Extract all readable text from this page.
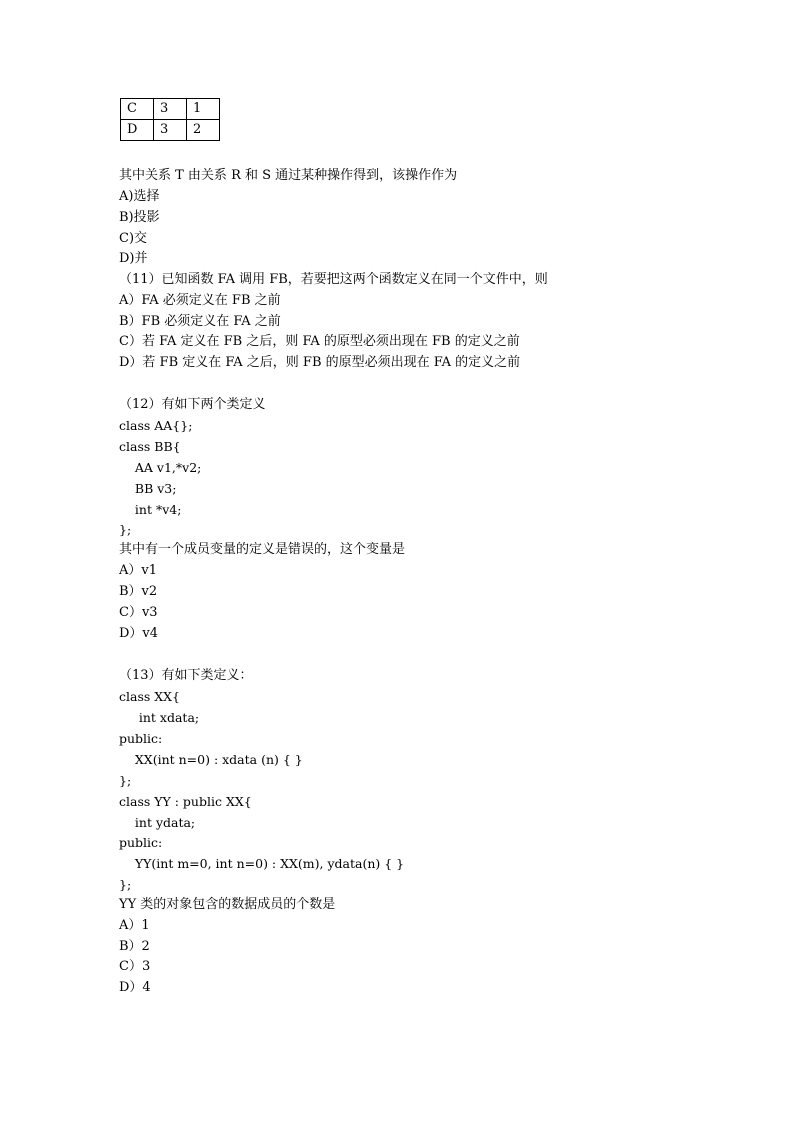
C	3	1
D	3	2
其中关系 T 由关系 R 和 S 通过某种操作得到，该操作作为
A)选择
B)投影
C)交
D)并
（11）已知函数 FA 调用 FB，若要把这两个函数定义在同一个文件中，则
A）FA 必须定义在 FB 之前
B）FB 必须定义在 FA 之前
C）若 FA 定义在 FB 之后，则 FA 的原型必须出现在 FB 的定义之前
D）若 FB 定义在 FA 之后，则 FB 的原型必须出现在 FA 的定义之前
（12）有如下两个类定义
class AA{};
class BB{
AA v1,*v2;
BB v3;
int *v4;
};
其中有一个成员变量的定义是错误的，这个变量是
A）v1
B）v2
C）v3
D）v4
（13）有如下类定义：
class XX{
int xdata;
public:
XX(int n=0) : xdata (n) { }
};
class YY : public XX{
int ydata;
public:
YY(int m=0, int n=0) : XX(m), ydata(n) { }
};
YY 类的对象包含的数据成员的个数是
A）1
B）2
C）3
D）4
